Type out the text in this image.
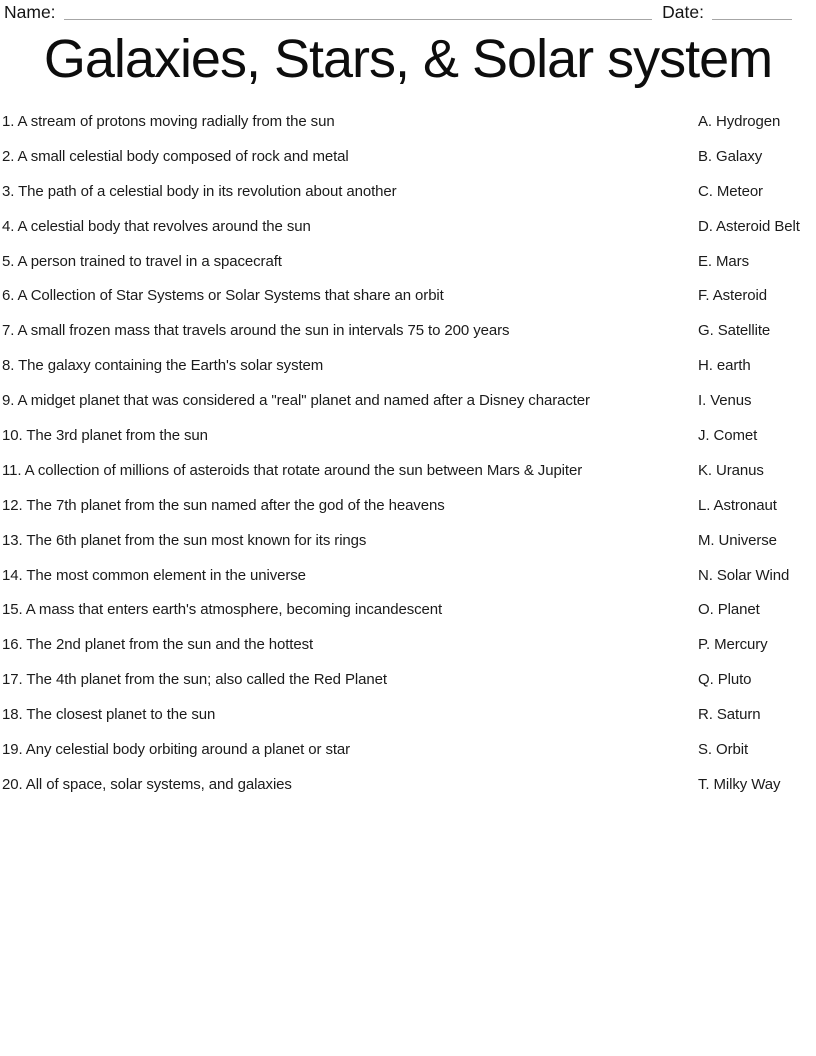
Name:	Date:
Galaxies, Stars, & Solar system
1. A stream of protons moving radially from the sun	A. Hydrogen
2. A small celestial body composed of rock and metal	B. Galaxy
3. The path of a celestial body in its revolution about another	C. Meteor
4. A celestial body that revolves around the sun	D. Asteroid Belt
5. A person trained to travel in a spacecraft	E. Mars
6. A Collection of Star Systems or Solar Systems that share an orbit	F. Asteroid
7. A small frozen mass that travels around the sun in intervals 75 to 200 years	G. Satellite
8. The galaxy containing the Earth's solar system	H. earth
9. A midget planet that was considered a "real" planet and named after a Disney character	I. Venus
10. The 3rd planet from the sun	J. Comet
11. A collection of millions of asteroids that rotate around the sun between Mars & Jupiter	K. Uranus
12. The 7th planet from the sun named after the god of the heavens	L. Astronaut
13. The 6th planet from the sun most known for its rings	M. Universe
14. The most common element in the universe	N. Solar Wind
15. A mass that enters earth's atmosphere, becoming incandescent	O. Planet
16. The 2nd planet from the sun and the hottest	P. Mercury
17. The 4th planet from the sun; also called the Red Planet	Q. Pluto
18. The closest planet to the sun	R. Saturn
19. Any celestial body orbiting around a planet or star	S. Orbit
20. All of space, solar systems, and galaxies	T. Milky Way
